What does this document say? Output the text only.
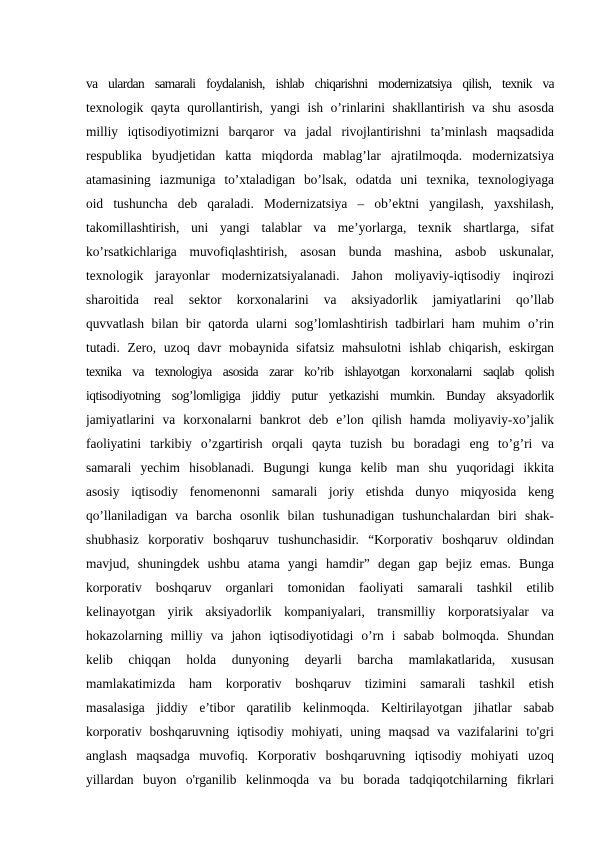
va ulardan samarali foydalanish, ishlab chiqarishni modernizatsiya qilish, texnik va
texnologik qayta qurollantirish, yangi ish o’rinlarini shakllantirish va shu asosda
milliy iqtisodiyotimizni barqaror va jadal rivojlantirishni ta’minlash maqsadida
respublika byudjetidan katta miqdorda mablag’lar ajratilmoqda. modernizatsiya
atamasining iazmuniga to’xtaladigan bo’lsak, odatda uni texnika, texnologiyaga
oid tushuncha deb qaraladi. Modernizatsiya – ob’ektni yangilash, yaxshilash,
takomillashtirish, uni yangi talablar va me’yorlarga, texnik shartlarga, sifat
ko’rsatkichlariga muvofiqlashtirish, asosan bunda mashina, asbob uskunalar,
texnologik jarayonlar modernizatsiyalanadi. Jahon moliyaviy-iqtisodiy inqirozi
sharoitida real sektor korxonalarini va aksiyadorlik jamiyatlarini qo’llab
quvvatlash bilan bir qatorda ularni sog’lomlashtirish tadbirlari ham muhim o’rin
tutadi. Zero, uzoq davr mobaynida sifatsiz mahsulotni ishlab chiqarish, eskirgan
texnika va texnologiya asosida zarar ko’rib ishlayotgan korxonalarni saqlab qolish
iqtisodiyotning sog’lomligiga jiddiy putur yetkazishi mumkin. Bunday aksyadorlik
jamiyatlarini va korxonalarni bankrot deb e’lon qilish hamda moliyaviy-xo’jalik
faoliyatini tarkibiy o’zgartirish orqali qayta tuzish bu boradagi eng to’g’ri va
samarali yechim hisoblanadi. Bugungi kunga kelib man shu yuqoridagi ikkita
asosiy iqtisodiy fenomenonni samarali joriy etishda dunyo miqyosida keng
qo’llaniladigan va barcha osonlik bilan tushunadigan tushunchalardan biri shak-
shubhasiz korporativ boshqaruv tushunchasidir. “Korporativ boshqaruv oldindan
mavjud, shuningdek ushbu atama yangi hamdir” degan gap bejiz emas. Bunga
korporativ boshqaruv organlari tomonidan faoliyati samarali tashkil etilib
kelinayotgan yirik aksiyadorlik kompaniyalari, transmilliy korporatsiyalar va
hokazolarning milliy va jahon iqtisodiyotidagi o’rn i sabab bolmoqda. Shundan
kelib chiqqan holda dunyoning deyarli barcha mamlakatlarida, xususan
mamlakatimizda ham korporativ boshqaruv tizimini samarali tashkil etish
masalasiga jiddiy e’tibor qaratilib kelinmoqda. Keltirilayotgan jihatlar sabab
korporativ boshqaruvning iqtisodiy mohiyati, uning maqsad va vazifalarini to'gri
anglash maqsadga muvofiq. Korporativ boshqaruvning iqtisodiy mohiyati uzoq
yillardan buyon o'rganilib kelinmoqda va bu borada tadqiqotchilarning fikrlari
